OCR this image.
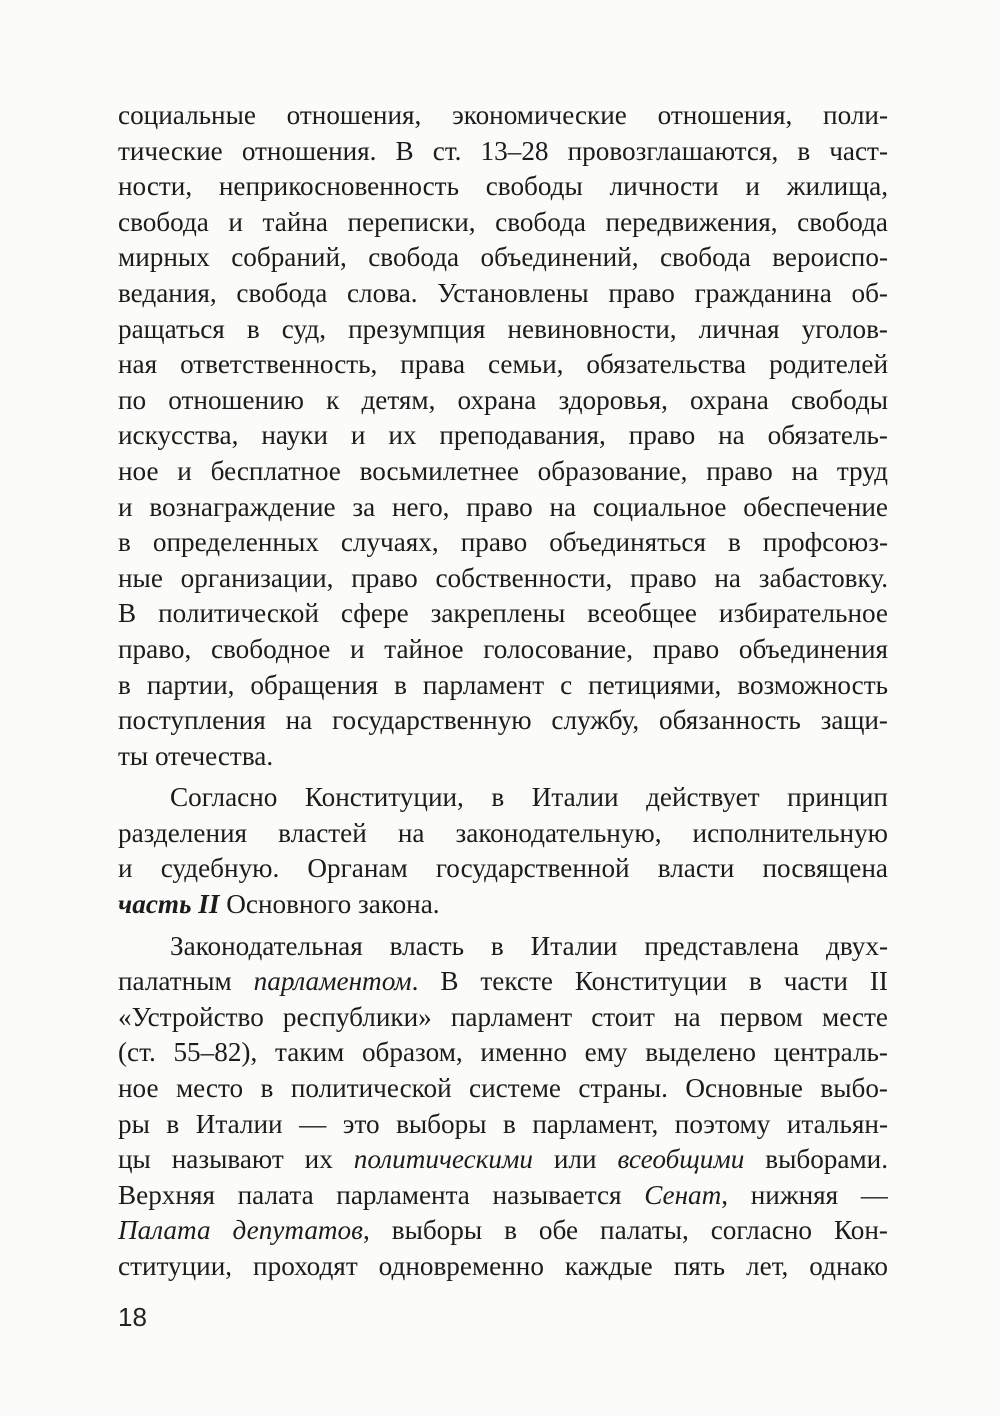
социальные отношения, экономические отношения, поли-
тические отношения. В ст. 13–28 провозглашаются, в част-
ности, неприкосновенность свободы личности и жилища,
свобода и тайна переписки, свобода передвижения, свобода
мирных собраний, свобода объединений, свобода вероиспо-
ведания, свобода слова. Установлены право гражданина об-
ращаться в суд, презумпция невиновности, личная уголов-
ная ответственность, права семьи, обязательства родителей
по отношению к детям, охрана здоровья, охрана свободы
искусства, науки и их преподавания, право на обязатель-
ное и бесплатное восьмилетнее образование, право на труд
и вознаграждение за него, право на социальное обеспечение
в определенных случаях, право объединяться в профсоюз-
ные организации, право собственности, право на забастовку.
В политической сфере закреплены всеобщее избирательное
право, свободное и тайное голосование, право объединения
в партии, обращения в парламент с петициями, возможность
поступления на государственную службу, обязанность защи-
ты отечества.
Согласно Конституции, в Италии действует принцип
разделения властей на законодательную, исполнительную
и судебную. Органам государственной власти посвящена
часть II Основного закона.
Законодательная власть в Италии представлена двух-
палатным парламентом. В тексте Конституции в части II
«Устройство республики» парламент стоит на первом месте
(ст. 55–82), таким образом, именно ему выделено централь-
ное место в политической системе страны. Основные выбо-
ры в Италии — это выборы в парламент, поэтому итальян-
цы называют их политическими или всеобщими выборами.
Верхняя палата парламента называется Сенат, нижняя —
Палата депутатов, выборы в обе палаты, согласно Кон-
ституции, проходят одновременно каждые пять лет, однако
18
